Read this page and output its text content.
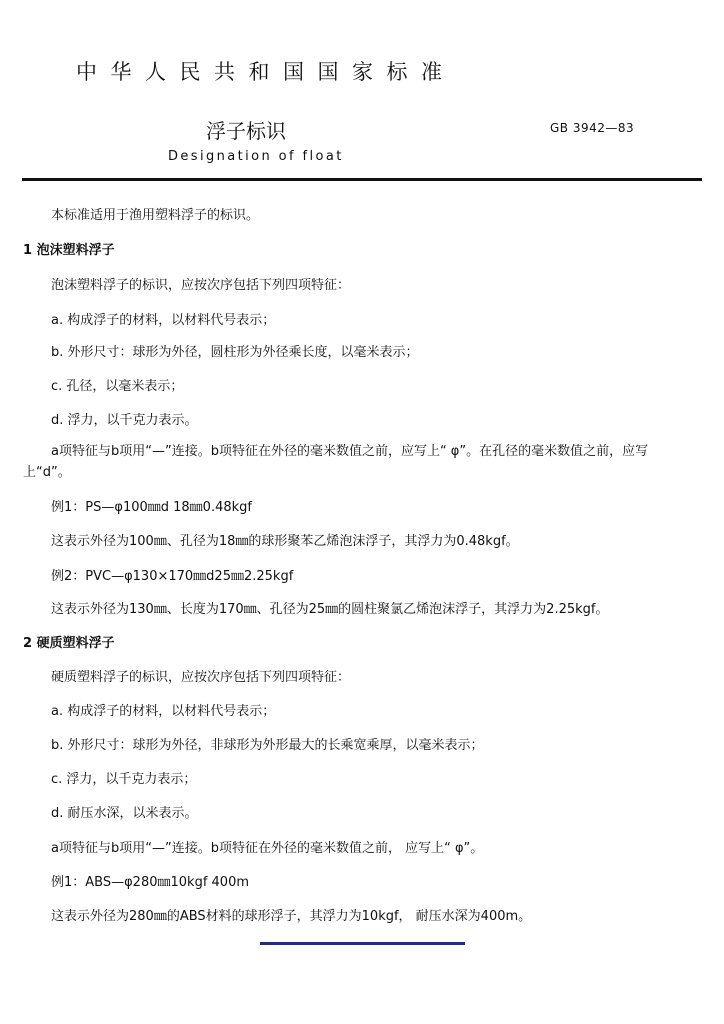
中华人民共和国国家标准
浮子标识	GB 3942—83
Designation of float
本标准适用于渔用塑料浮子的标识。
1 泡沫塑料浮子
泡沫塑料浮子的标识，应按次序包括下列四项特征：
a. 构成浮子的材料，以材料代号表示；
b. 外形尺寸：球形为外径，圆柱形为外径乘长度，以毫米表示；
c. 孔径，以毫米表示；
d. 浮力，以千克力表示。
a项特征与b项用“—”连接。b项特征在外径的毫米数值之前，应写上“ φ”。在孔径的毫米数值之前，应写上“d”。
例1：PS—φ100㎜d 18㎜0.48kgf
这表示外径为100㎜、孔径为18㎜的球形聚苯乙烯泡沫浮子，其浮力为0.48kgf。
例2：PVC—φ130×170㎜d25㎜2.25kgf
这表示外径为130㎜、长度为170㎜、孔径为25㎜的圆柱聚氯乙烯泡沫浮子，其浮力为2.25kgf。
2 硬质塑料浮子
硬质塑料浮子的标识，应按次序包括下列四项特征：
a. 构成浮子的材料，以材料代号表示；
b. 外形尺寸：球形为外径，非球形为外形最大的长乘宽乘厚，以毫米表示；
c. 浮力，以千克力表示；
d. 耐压水深，以米表示。
a项特征与b项用“—”连接。b项特征在外径的毫米数值之前， 应写上“ φ”。
例1：ABS—φ280㎜10kgf 400m
这表示外径为280㎜的ABS材料的球形浮子，其浮力为10kgf， 耐压水深为400m。
